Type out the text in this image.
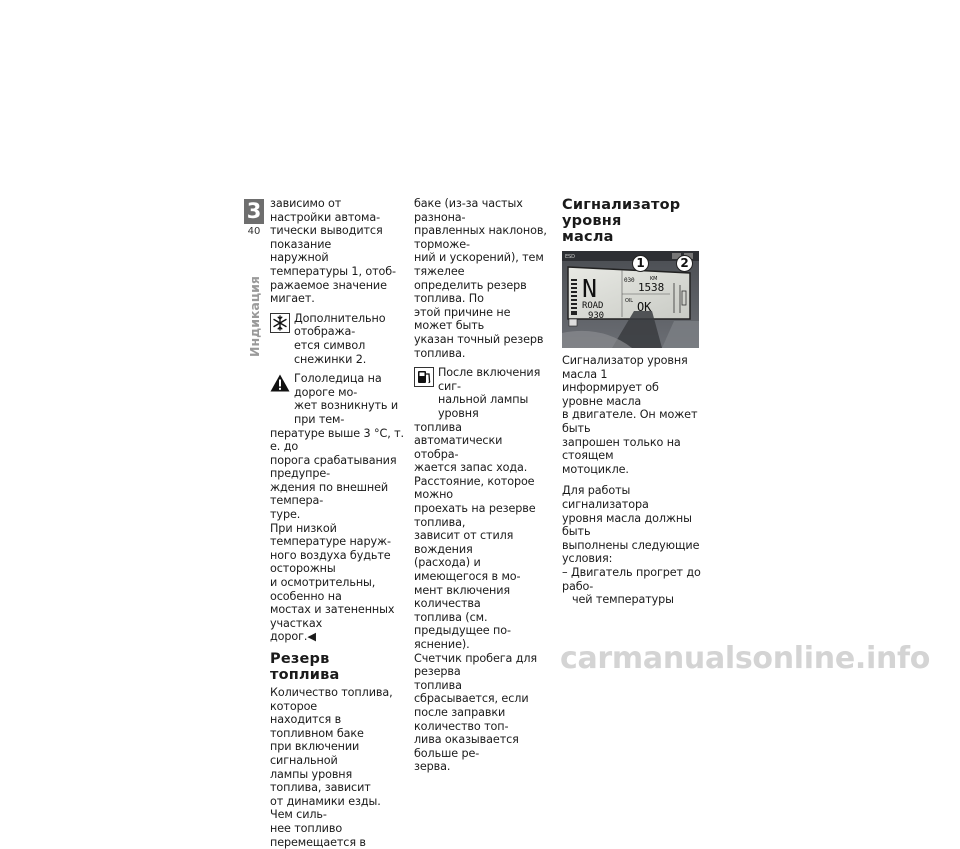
3
40
Индикация

зависимо от настройки автома-

тически выводится показание

наружной температуры 1, отоб-

ражаемое значение мигает.

Дополнительно отобража-

ется символ снежинки 2.

Гололедица на дороге мо-

жет возникнуть и при тем-

пературе выше 3 °C, т. е. до

порога срабатывания предупре-

ждения по внешней темпера-

туре.

При низкой температуре наруж-

ного воздуха будьте осторожны

и осмотрительны, особенно на

мостах и затененных участках

дорог.◀

Резерв топлива

Количество топлива, которое

находится в топливном баке

при включении сигнальной

лампы уровня топлива, зависит

от динамики езды. Чем силь-

нее топливо перемещается в

баке (из-за частых разнона-

правленных наклонов, торможе-

ний и ускорений), тем тяжелее

определить резерв топлива. По

этой причине не может быть

указан точный резерв топлива.

После включения сиг-

нальной лампы уровня

топлива автоматически отобра-

жается запас хода.

Расстояние, которое можно

проехать на резерве топлива,

зависит от стиля вождения

(расхода) и имеющегося в мо-

мент включения количества

топлива (см. предыдущее по-

яснение).

Счетчик пробега для резерва

топлива сбрасывается, если

после заправки количество топ-

лива оказывается больше ре-

зерва.

Сигнализатор уровня

масла

N	030	KM
1538
ROAD
930
OIL OK
ESD	1	2

Сигнализатор уровня масла 1

информирует об уровне масла

в двигателе. Он может быть

запрошен только на стоящем

мотоцикле.

Для работы сигнализатора

уровня масла должны быть

выполнены следующие

условия:

– Двигатель прогрет до рабо-

чей температуры

carmanualsonline.info
